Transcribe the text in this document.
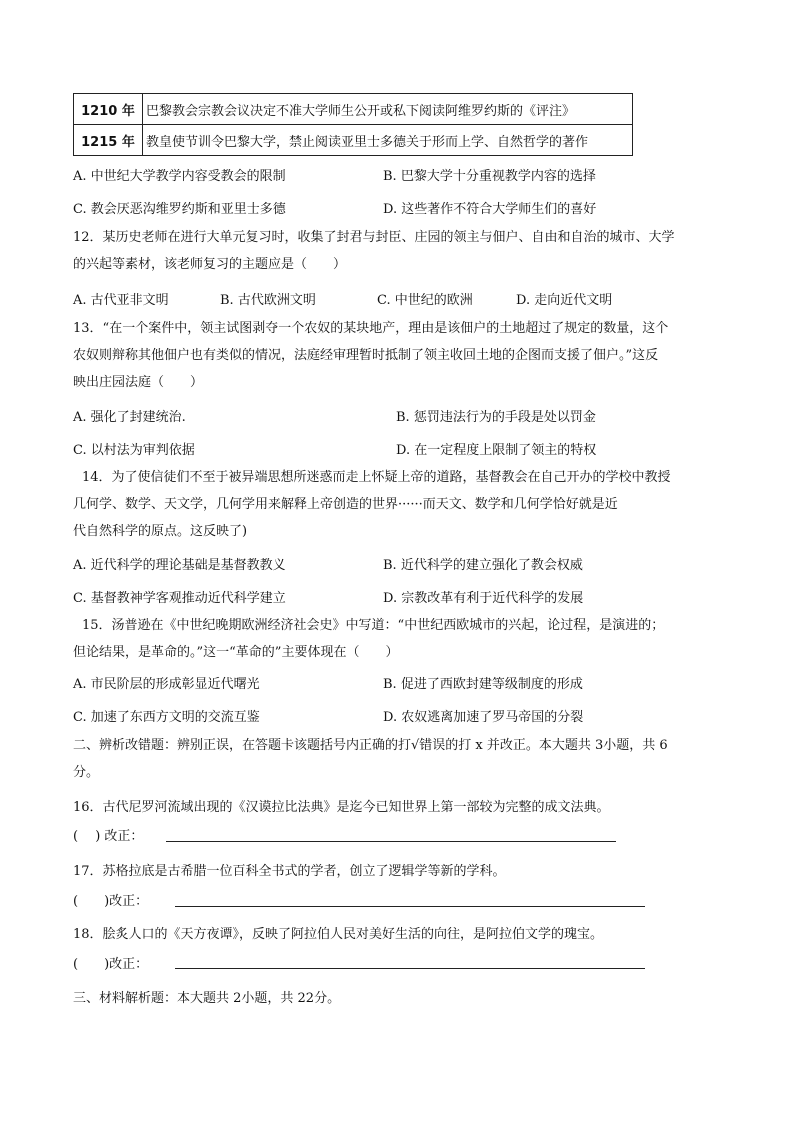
1210 年	巴黎教会宗教会议决定不准大学师生公开或私下阅读阿维罗约斯的《评注》
1215 年	教皇使节训令巴黎大学，禁止阅读亚里士多德关于形而上学、自然哲学的著作
A. 中世纪大学教学内容受教会的限制	B. 巴黎大学十分重视教学内容的选择
C. 教会厌恶沟维罗约斯和亚里士多德	D. 这些著作不符合大学师生们的喜好
12．某历史老师在进行大单元复习时，收集了封君与封臣、庄园的领主与佃户、自由和自治的城市、大学
的兴起等素材，该老师复习的主题应是（　　）
A. 古代亚非文明	B. 古代欧洲文明	C. 中世纪的欧洲	D. 走向近代文明
13．“在一个案件中，领主试图剥夺一个农奴的某块地产，理由是该佃户的土地超过了规定的数量，这个
农奴则辩称其他佃户也有类似的情况，法庭经审理暂时抵制了领主收回土地的企图而支援了佃户。”这反
映出庄园法庭（　　）
A. 强化了封建统治.	B. 惩罚违法行为的手段是处以罚金
C. 以村法为审判依据	D. 在一定程度上限制了领主的特权
14．为了使信徒们不至于被异端思想所迷惑而走上怀疑上帝的道路，基督教会在自己开办的学校中教授
几何学、数学、天文学，几何学用来解释上帝创造的世界······而天文、数学和几何学恰好就是近
代自然科学的原点。这反映了)
A. 近代科学的理论基础是基督教教义	B. 近代科学的建立强化了教会权威
C. 基督教神学客观推动近代科学建立	D. 宗教改革有利于近代科学的发展
15．汤普逊在《中世纪晚期欧洲经济社会史》中写道：“中世纪西欧城市的兴起，论过程，是演进的；
但论结果，是革命的。”这一“革命的”主要体现在（　　）
A. 市民阶层的形成彰显近代曙光	B. 促进了西欧封建等级制度的形成
C. 加速了东西方文明的交流互鉴	D. 农奴逃离加速了罗马帝国的分裂
二、辨析改错题：辨别正误，在答题卡该题括号内正确的打√错误的打 x 并改正。本大题共 3小题，共 6
分。
16．古代尼罗河流域出现的《汉谟拉比法典》是迄今已知世界上第一部较为完整的成文法典。
(　 ) 改正：
17．苏格拉底是古希腊一位百科全书式的学者，创立了逻辑学等新的学科。
(　　)改正：
18．脍炙人口的《天方夜谭》，反映了阿拉伯人民对美好生活的向往，是阿拉伯文学的瑰宝。
(　　)改正：
三、材料解析题：本大题共 2小题，共 22分。
